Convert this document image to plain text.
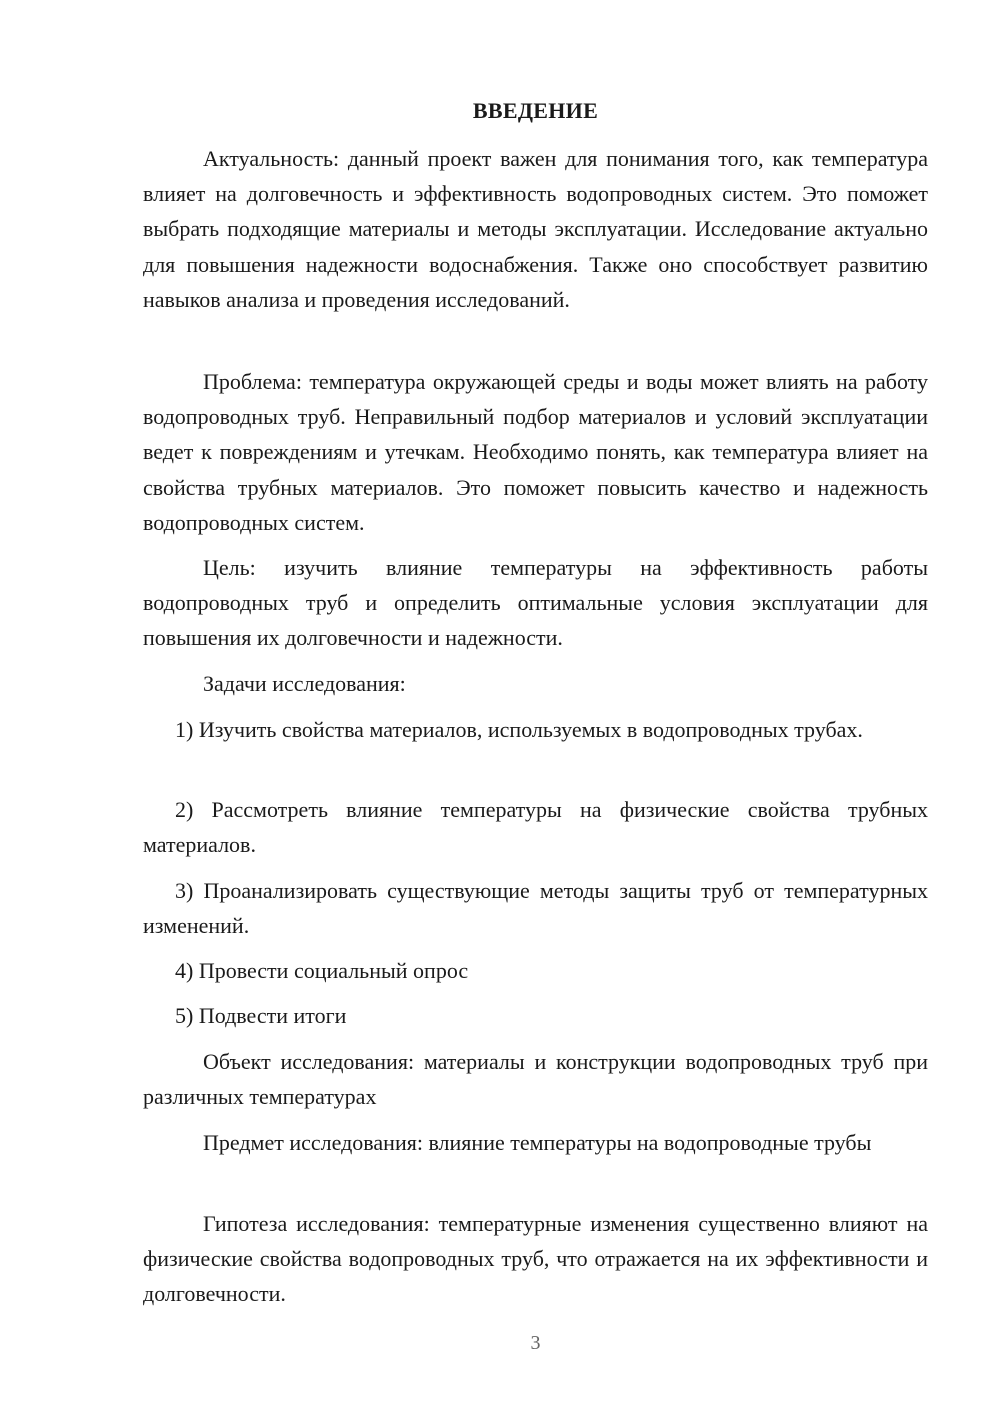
ВВЕДЕНИЕ

Актуальность: данный проект важен для понимания того, как температура влияет на долговечность и эффективность водопроводных систем. Это поможет выбрать подходящие материалы и методы эксплуатации. Исследование актуально для повышения надежности водоснабжения. Также оно способствует развитию навыков анализа и проведения исследований.

Проблема: температура окружающей среды и воды может влиять на работу водопроводных труб. Неправильный подбор материалов и условий эксплуатации ведет к повреждениям и утечкам. Необходимо понять, как температура влияет на свойства трубных материалов. Это поможет повысить качество и надежность водопроводных систем.

Цель: изучить влияние температуры на эффективность работы водопроводных труб и определить оптимальные условия эксплуатации для повышения их долговечности и надежности.

Задачи исследования:

1) Изучить свойства материалов, используемых в водопроводных трубах.

2) Рассмотреть влияние температуры на физические свойства трубных материалов.

3) Проанализировать существующие методы защиты труб от температурных изменений.

4) Провести социальный опрос

5) Подвести итоги

Объект исследования: материалы и конструкции водопроводных труб при различных температурах

Предмет исследования: влияние температуры на водопроводные трубы

Гипотеза исследования: температурные изменения существенно влияют на физические свойства водопроводных труб, что отражается на их эффективности и долговечности.

3
